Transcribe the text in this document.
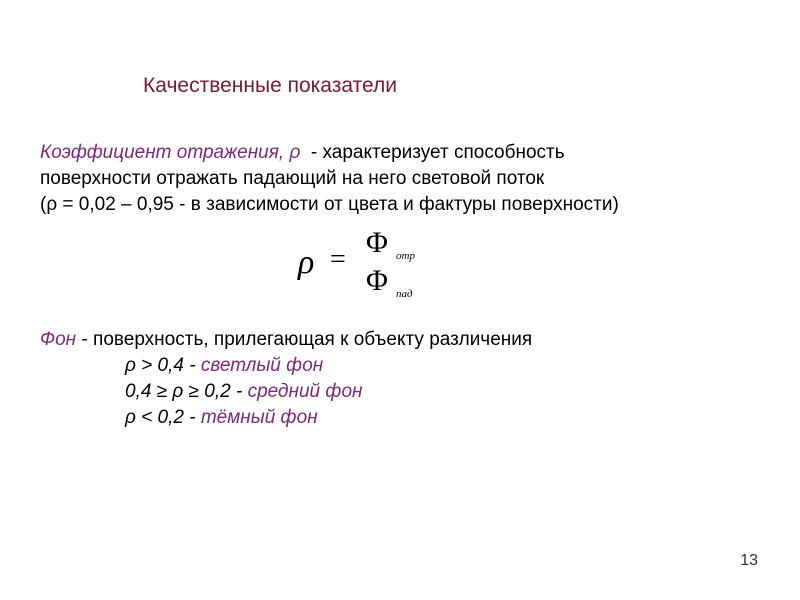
Качественные показатели
Коэффициент отражения, ρ  - характеризует способность
поверхности отражать падающий на него световой поток
(ρ = 0,02 – 0,95 - в зависимости от цвета и фактуры поверхности)
ρ =
Φ отр
Φ пад
Фон - поверхность, прилегающая к объекту различения
ρ > 0,4 - светлый фон
0,4 ≥ ρ ≥ 0,2 - средний фон
ρ < 0,2 - тёмный фон
13
